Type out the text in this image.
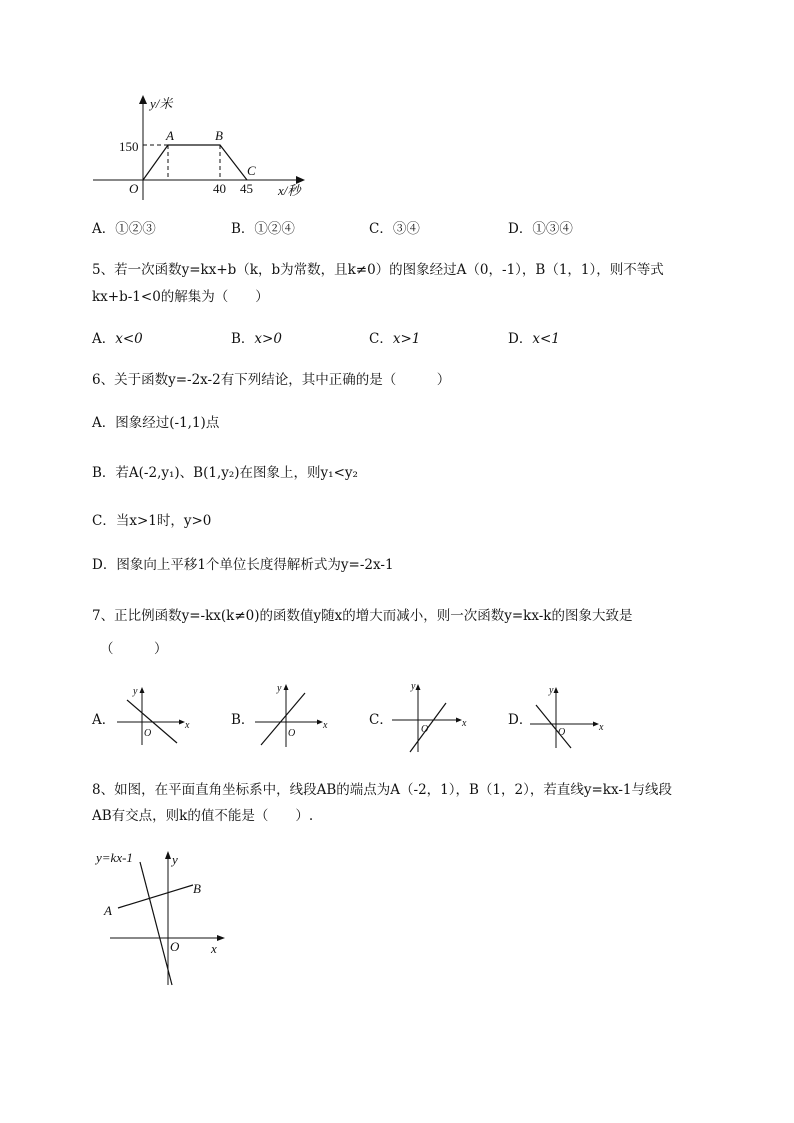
y/米
150
A	B
C
O	40 45 x/秒
A．①②③	B．①②④	C．③④	D．①③④
5、若一次函数y=kx+b（k，b为常数，且k≠0）的图象经过A（0，-1），B（1，1），则不等式
kx+b-1<0的解集为（　　）
A．x<0	B．x>0	C．x>1	D．x<1
6、关于函数y=-2x-2有下列结论，其中正确的是（　　　）
A．图象经过(-1,1)点
B．若A(-2,y₁)、B(1,y₂)在图象上，则y₁<y₂
C．当x>1时，y>0
D．图象向上平移1个单位长度得解析式为y=-2x-1
7、正比例函数y=-kx(k≠0)的函数值y随x的增大而减小，则一次函数y=kx-k的图象大致是
（　　　）
A．	B．	C．	D．
y
x
O
y
x
O
y
x
O
y
x
O
8、如图，在平面直角坐标系中，线段AB的端点为A（-2，1），B（1，2），若直线y=kx-1与线段
AB有交点，则k的值不能是（　　）.
y=kx-1	y
B
A
O x
